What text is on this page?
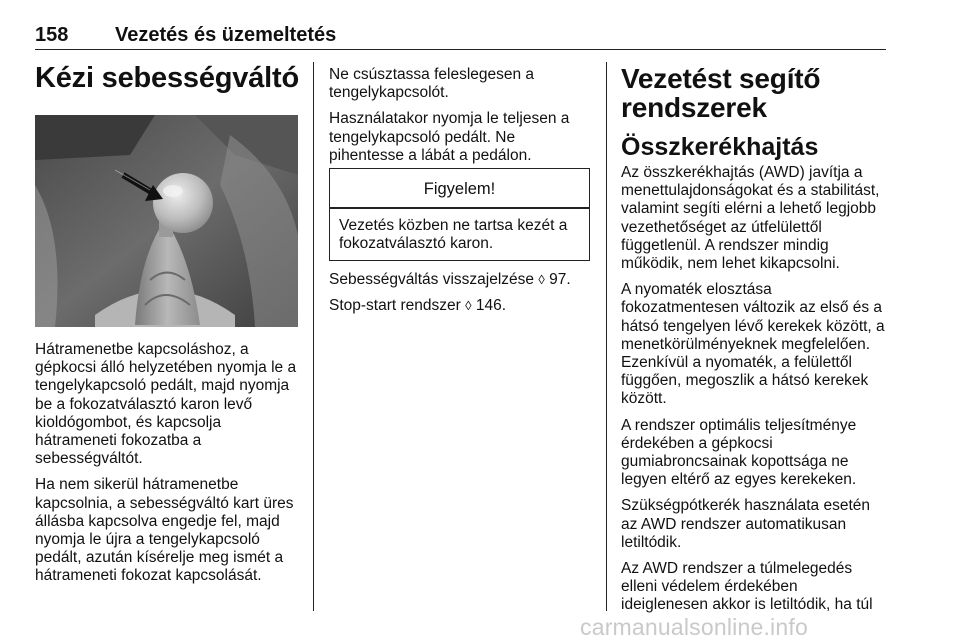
158 Vezetés és üzemeltetés
Kézi sebességváltó

Hátramenetbe kapcsoláshoz, a gépkocsi álló helyzetében nyomja le a tengelykapcsoló pedált, majd nyomja be a fokozatválasztó karon levő kioldógombot, és kapcsolja hátrameneti fokozatba a sebességváltót.

Ha nem sikerül hátramenetbe kapcsolnia, a sebességváltó kart üres állásba kapcsolva engedje fel, majd nyomja le újra a tengelykapcsoló pedált, azután kísérelje meg ismét a hátrameneti fokozat kapcsolását.

Ne csúsztassa feleslegesen a tengelykapcsolót.

Használatakor nyomja le teljesen a tengelykapcsoló pedált. Ne pihentesse a lábát a pedálon.

Figyelem!

Vezetés közben ne tartsa kezét a fokozatválasztó karon.

Sebességváltás visszajelzése ◊ 97.

Stop-start rendszer ◊ 146.

Vezetést segítő rendszerek
Összkerékhajtás

Az összkerékhajtás (AWD) javítja a menettulajdonságokat és a stabilitást, valamint segíti elérni a lehető legjobb vezethetőséget az útfelülettől függetlenül. A rendszer mindig működik, nem lehet kikapcsolni.

A nyomaték elosztása fokozatmentesen változik az első és a hátsó tengelyen lévő kerekek között, a menetkörülményeknek megfelelően. Ezenkívül a nyomaték, a felülettől függően, megoszlik a hátsó kerekek között.

A rendszer optimális teljesítménye érdekében a gépkocsi gumiabroncsainak kopottsága ne legyen eltérő az egyes kerekeken.

Szükségpótkerék használata esetén az AWD rendszer automatikusan letiltódik.

Az AWD rendszer a túlmelegedés elleni védelem érdekében ideiglenesen akkor is letiltódik, ha túl

carmanualsonline.info
